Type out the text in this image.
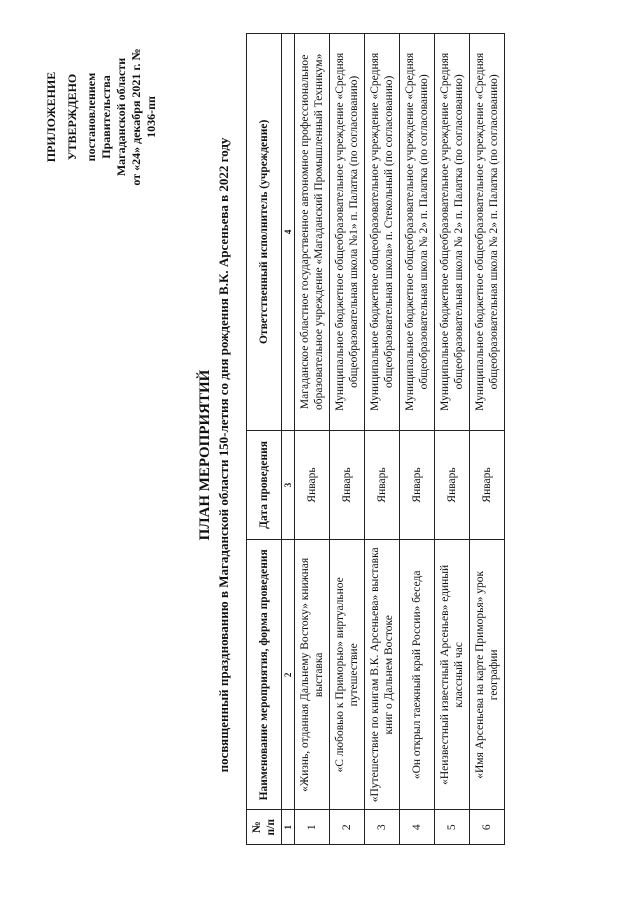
ПРИЛОЖЕНИЕ УТВЕРЖДЕНО постановлением Правительства Магаданской области от «24» декабря 2021 г. № 1036-пп
ПЛАН МЕРОПРИЯТИЙ посвященный празднованию в Магаданской области 150-летия со дня рождения В.К. Арсеньева в 2022 году
№ п/п	Наименование мероприятия, форма проведения	Дата проведения	Ответственный исполнитель (учреждение)
1	2	3	4
1	«Жизнь, отданная Дальнему Востоку» книжная выставка	Январь	Магаданское областное государственное автономное профессиональное образовательное учреждение «Магаданский Промышленный Техникум»
2	«С любовью к Приморью» виртуальное путешествие	Январь	Муниципальное бюджетное общеобразовательное учреждение «Средняя общеобразовательная школа №1» п. Палатка (по согласованию)
3	«Путешествие по книгам В.К. Арсеньева» выставка книг о Дальнем Востоке	Январь	Муниципальное бюджетное общеобразовательное учреждение «Средняя общеобразовательная школа» п. Стекольный (по согласованию)
4	«Он открыл таежный край России» беседа	Январь	Муниципальное бюджетное общеобразовательное учреждение «Средняя общеобразовательная школа № 2» п. Палатка (по согласованию)
5	«Неизвестный известный Арсеньев» единый классный час	Январь	Муниципальное бюджетное общеобразовательное учреждение «Средняя общеобразовательная школа № 2» п. Палатка (по согласованию)
6	«Имя Арсеньева на карте Приморья» урок географии	Январь	Муниципальное бюджетное общеобразовательное учреждение «Средняя общеобразовательная школа № 2» п. Палатка (по согласованию)
